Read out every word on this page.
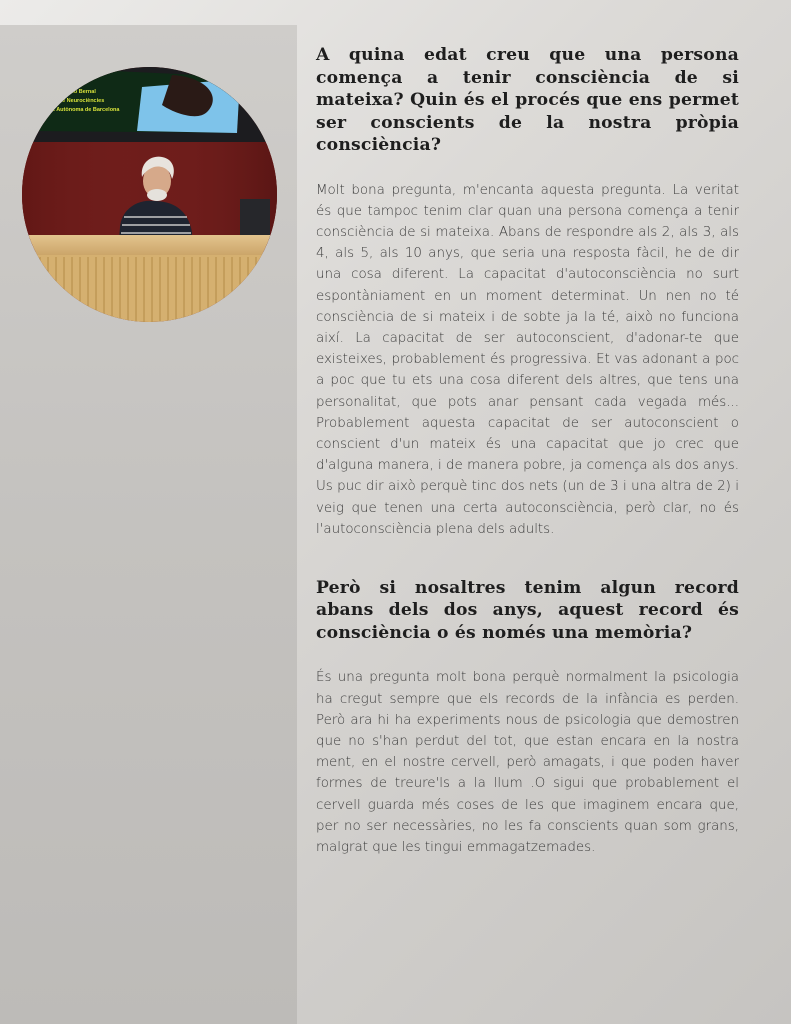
Morgado Bernal
to de Neurociències
at Autònoma de Barcelona
A quina edat creu que una persona comença a tenir consciència de si mateixa? Quin és el procés que ens permet ser conscients de la nostra pròpia consciència?

Molt bona pregunta, m'encanta aquesta pregunta. La veritat és que tampoc tenim clar quan una persona comença a tenir consciència de si mateixa. Abans de respondre als 2, als 3, als 4, als 5, als 10 anys, que seria una resposta fàcil, he de dir una cosa diferent. La capacitat d'autoconsciència no surt espontàniament en un moment determinat. Un nen no té consciència de si mateix i de sobte ja la té, això no funciona així. La capacitat de ser autoconscient, d'adonar-te que existeixes, probablement és progressiva. Et vas adonant a poc a poc que tu ets una cosa diferent dels altres, que tens una personalitat, que pots anar pensant cada vegada més... Probablement aquesta capacitat de ser autoconscient o conscient d'un mateix és una capacitat que jo crec que d'alguna manera, i de manera pobre, ja comença als dos anys. Us puc dir això perquè tinc dos nets (un de 3 i una altra de 2) i veig que tenen una certa autoconsciència, però clar, no és l'autoconsciència plena dels adults.

Però si nosaltres tenim algun record abans dels dos anys, aquest record és consciència o és només una memòria?

És una pregunta molt bona perquè normalment la psicologia ha cregut sempre que els records de la infància es perden. Però ara hi ha experiments nous de psicologia que demostren que no s'han perdut del tot, que estan encara en la nostra ment, en el nostre cervell, però amagats, i que poden haver formes de treure'ls a la llum .O sigui que probablement el cervell guarda més coses de les que imaginem encara que, per no ser necessàries, no les fa conscients quan som grans, malgrat que les tingui emmagatzemades.
